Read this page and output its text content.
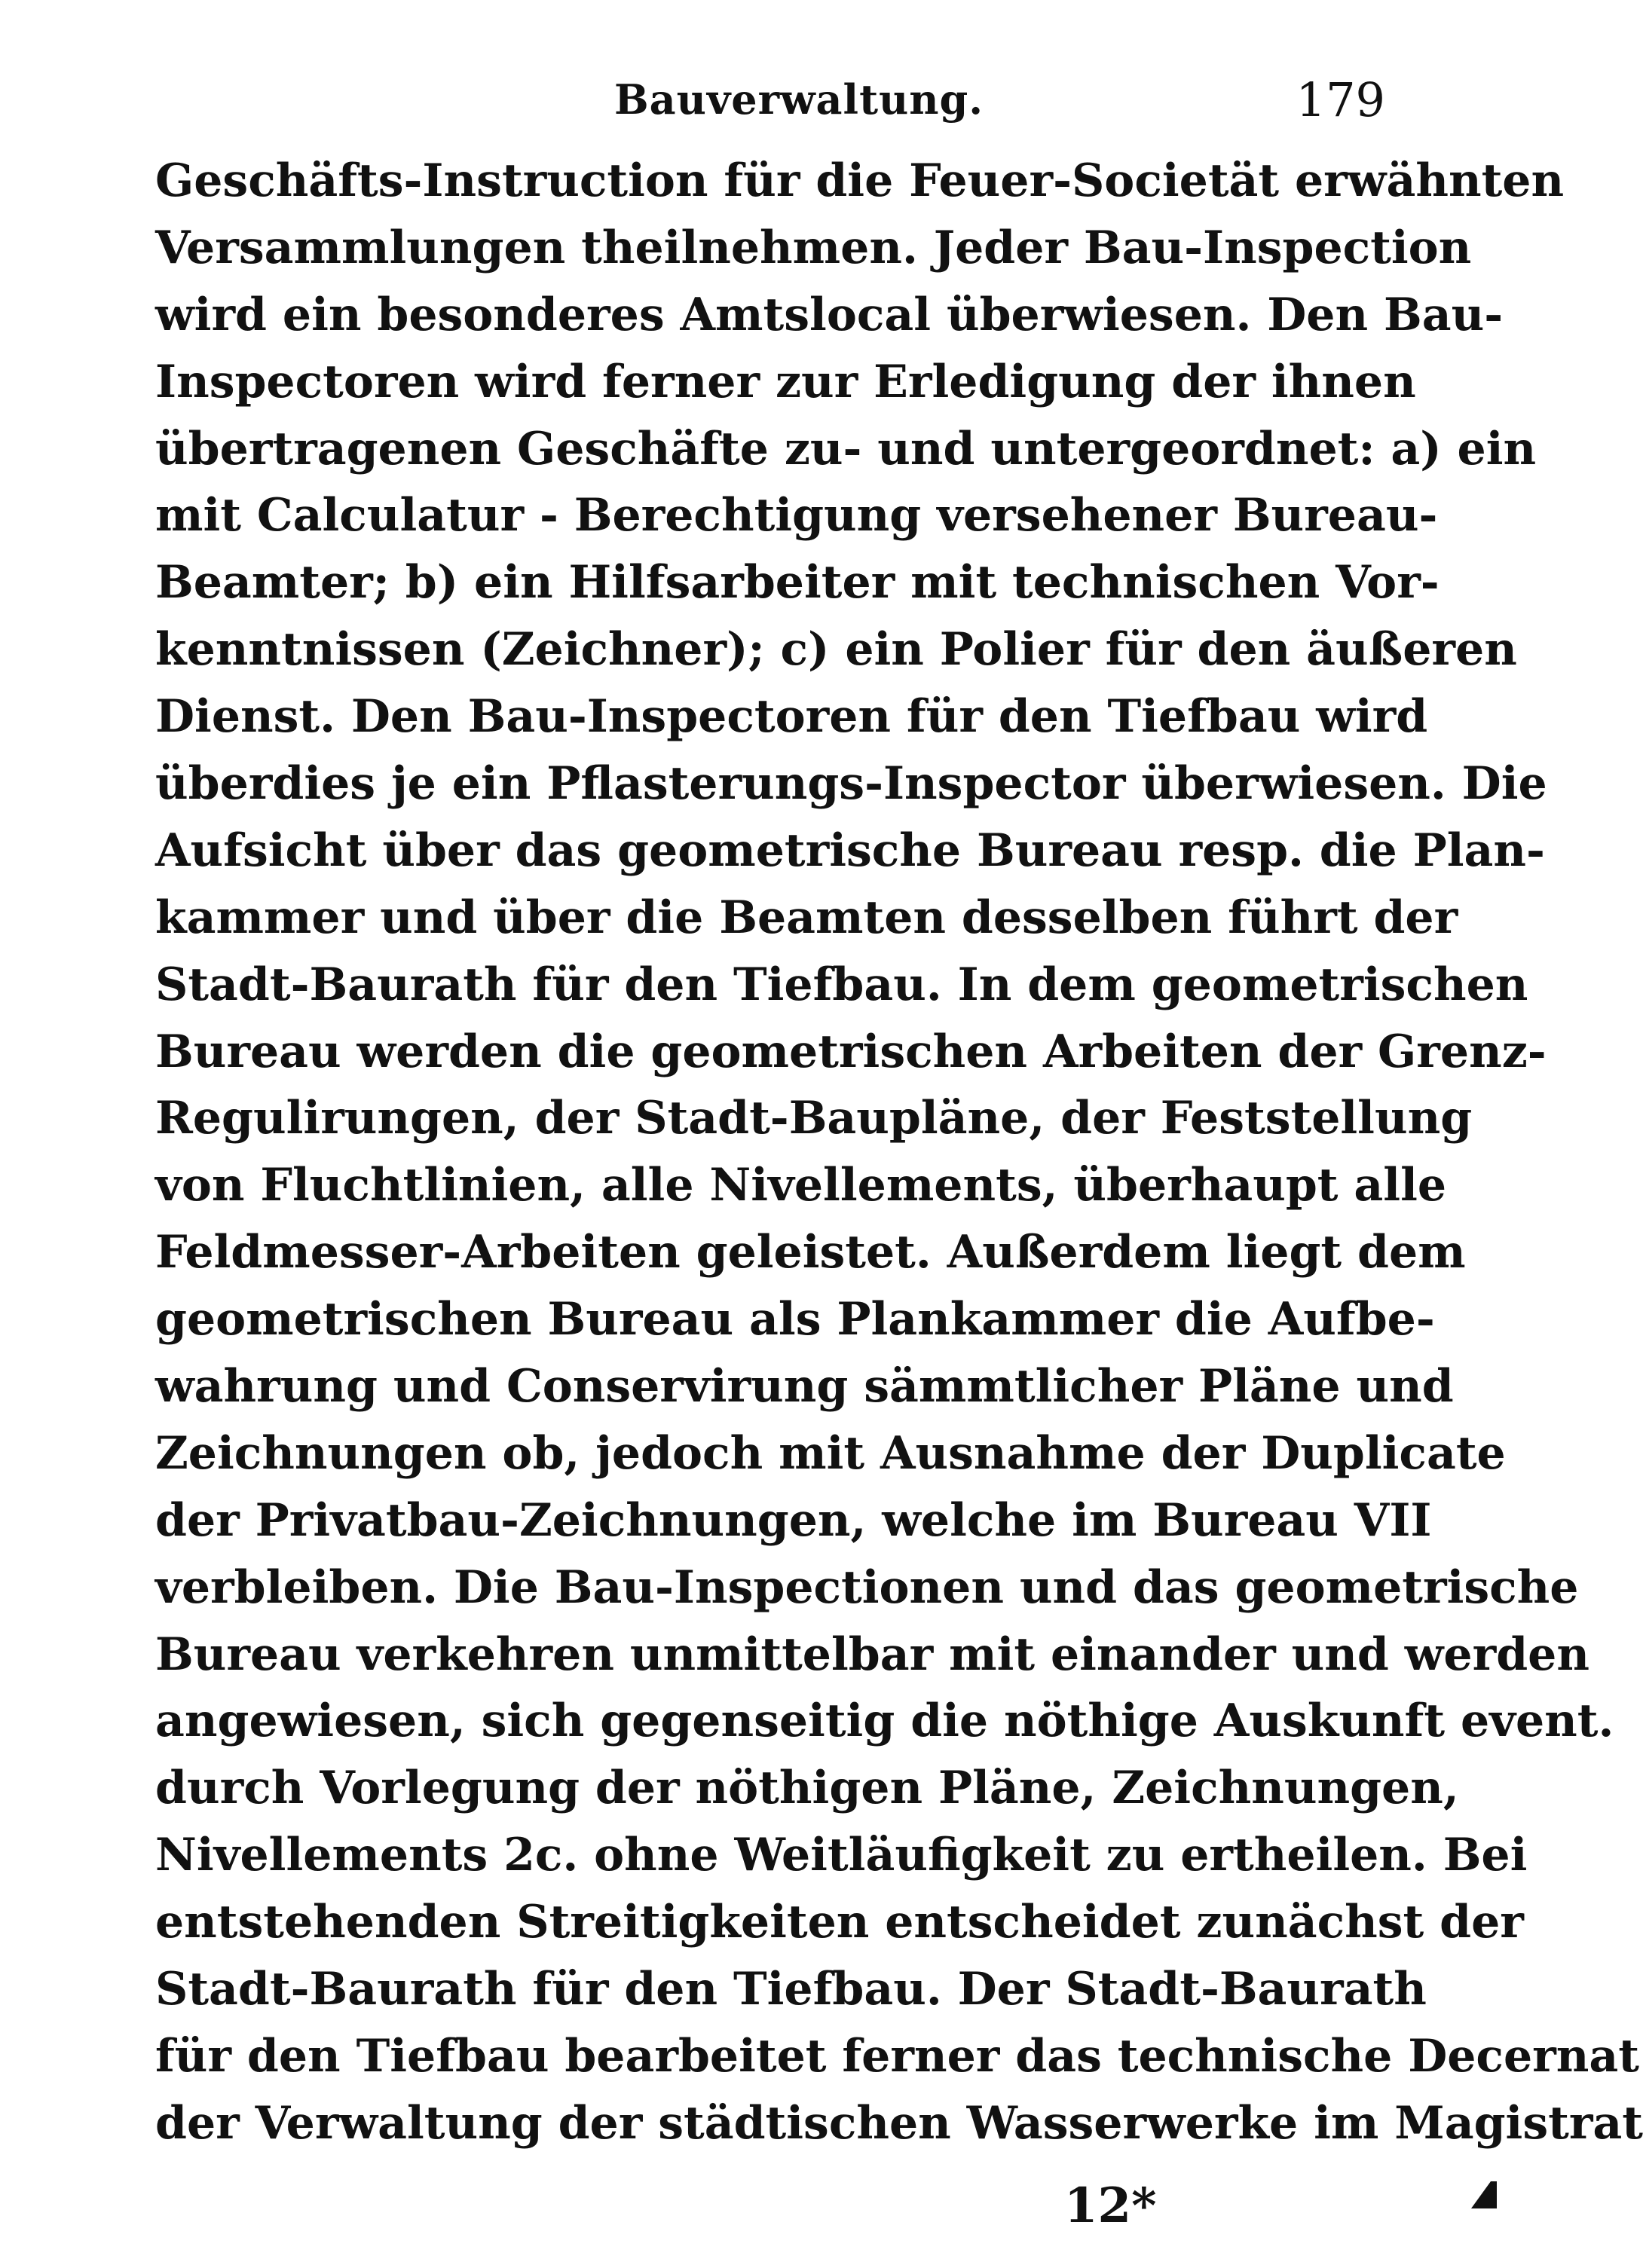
Bauverwaltung.	179
Geschäfts-Instruction für die Feuer-Societät erwähnten
Versammlungen theilnehmen. Jeder Bau-Inspection
wird ein besonderes Amtslocal überwiesen. Den Bau-
Inspectoren wird ferner zur Erledigung der ihnen
übertragenen Geschäfte zu- und untergeordnet: a) ein
mit Calculatur - Berechtigung versehener Bureau-
Beamter; b) ein Hilfsarbeiter mit technischen Vor-
kenntnissen (Zeichner); c) ein Polier für den äußeren
Dienst. Den Bau-Inspectoren für den Tiefbau wird
überdies je ein Pflasterungs-Inspector überwiesen. Die
Aufsicht über das geometrische Bureau resp. die Plan-
kammer und über die Beamten desselben führt der
Stadt-Baurath für den Tiefbau. In dem geometrischen
Bureau werden die geometrischen Arbeiten der Grenz-
Regulirungen, der Stadt-Baupläne, der Feststellung
von Fluchtlinien, alle Nivellements, überhaupt alle
Feldmesser-Arbeiten geleistet. Außerdem liegt dem
geometrischen Bureau als Plankammer die Aufbe-
wahrung und Conservirung sämmtlicher Pläne und
Zeichnungen ob, jedoch mit Ausnahme der Duplicate
der Privatbau-Zeichnungen, welche im Bureau VII
verbleiben. Die Bau-Inspectionen und das geometrische
Bureau verkehren unmittelbar mit einander und werden
angewiesen, sich gegenseitig die nöthige Auskunft event.
durch Vorlegung der nöthigen Pläne, Zeichnungen,
Nivellements 2c. ohne Weitläufigkeit zu ertheilen. Bei
entstehenden Streitigkeiten entscheidet zunächst der
Stadt-Baurath für den Tiefbau. Der Stadt-Baurath
für den Tiefbau bearbeitet ferner das technische Decernat
der Verwaltung der städtischen Wasserwerke im Magistrat
12*
